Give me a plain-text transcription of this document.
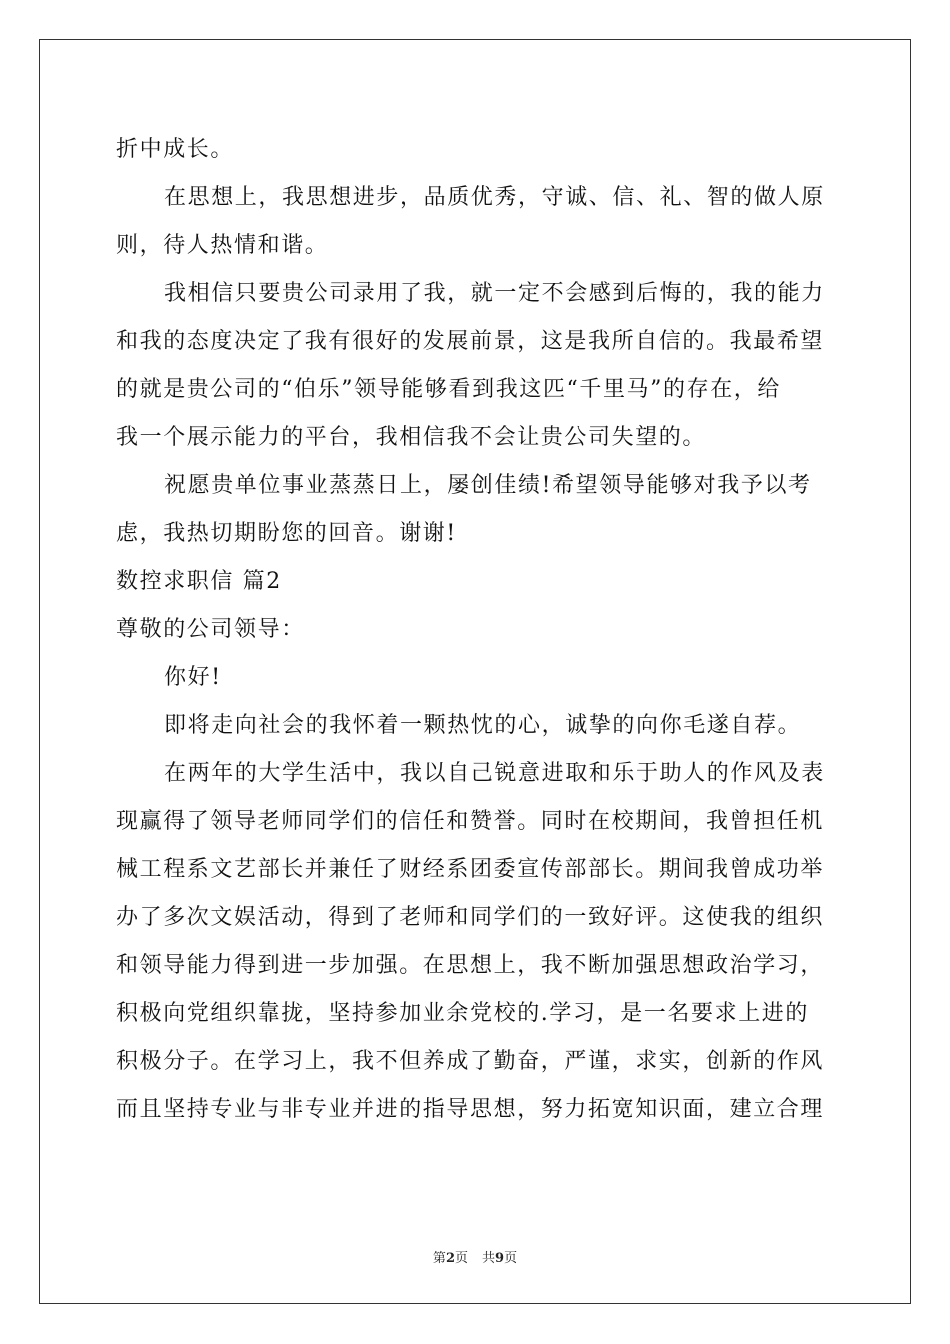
折中成长。
在思想上，我思想进步，品质优秀，守诚、信、礼、智的做人原
则，待人热情和谐。
我相信只要贵公司录用了我，就一定不会感到后悔的，我的能力
和我的态度决定了我有很好的发展前景，这是我所自信的。我最希望
的就是贵公司的“伯乐”领导能够看到我这匹“千里马”的存在，给
我一个展示能力的平台，我相信我不会让贵公司失望的。
祝愿贵单位事业蒸蒸日上，屡创佳绩!希望领导能够对我予以考
虑，我热切期盼您的回音。谢谢!
数控求职信 篇2
尊敬的公司领导：
你好!
即将走向社会的我怀着一颗热忱的心，诚挚的向你毛遂自荐。
在两年的大学生活中，我以自己锐意进取和乐于助人的作风及表
现赢得了领导老师同学们的信任和赞誉。同时在校期间，我曾担任机
械工程系文艺部长并兼任了财经系团委宣传部部长。期间我曾成功举
办了多次文娱活动，得到了老师和同学们的一致好评。这使我的组织
和领导能力得到进一步加强。在思想上，我不断加强思想政治学习，
积极向党组织靠拢，坚持参加业余党校的.学习，是一名要求上进的
积极分子。在学习上，我不但养成了勤奋，严谨，求实，创新的作风
而且坚持专业与非专业并进的指导思想，努力拓宽知识面，建立合理
第2页 共9页
